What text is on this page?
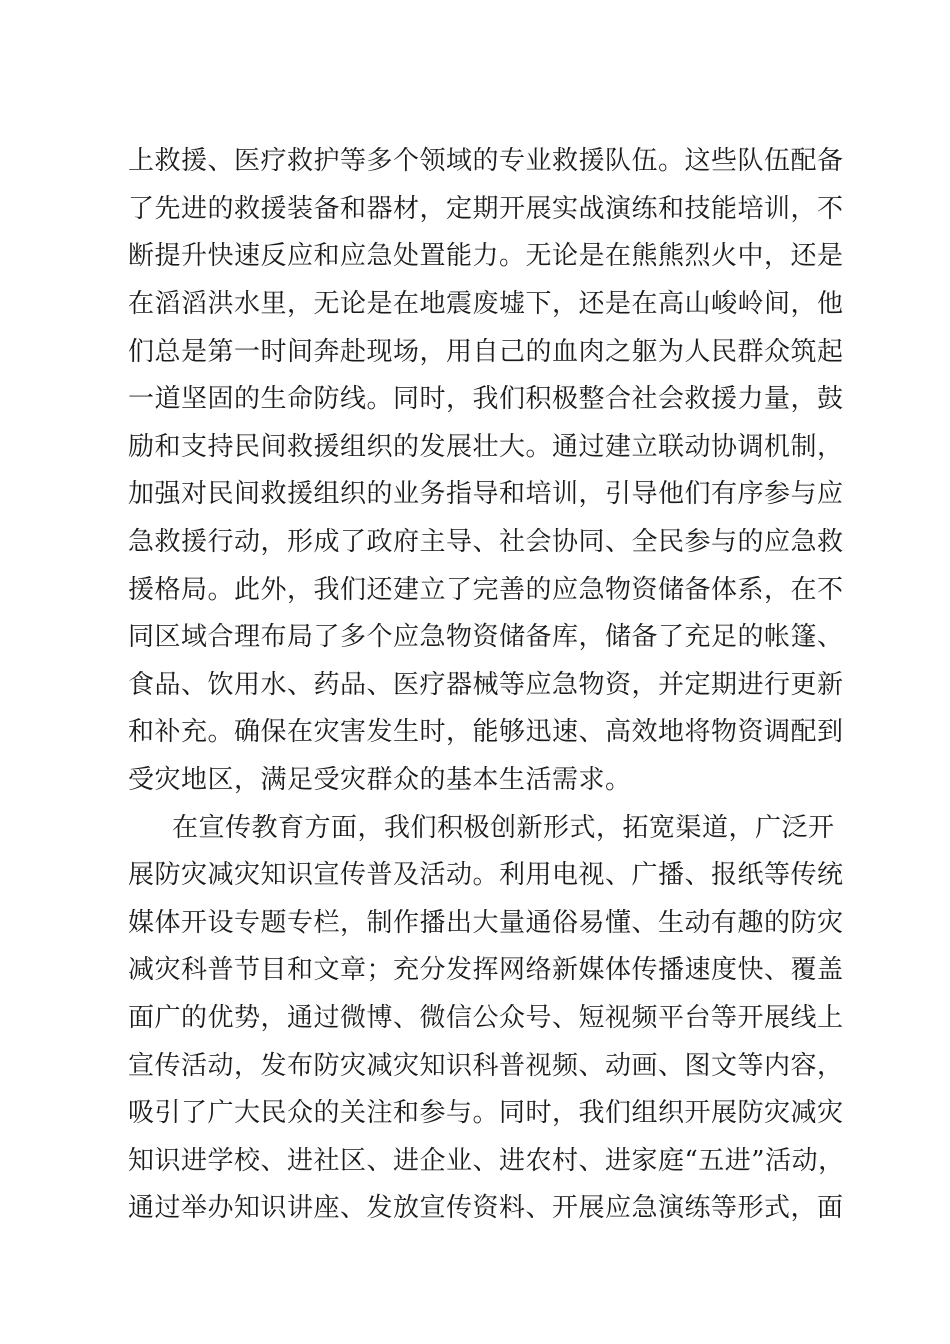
上救援、医疗救护等多个领域的专业救援队伍。这些队伍配备
了先进的救援装备和器材，定期开展实战演练和技能培训，不
断提升快速反应和应急处置能力。无论是在熊熊烈火中，还是
在滔滔洪水里，无论是在地震废墟下，还是在高山峻岭间，他
们总是第一时间奔赴现场，用自己的血肉之躯为人民群众筑起
一道坚固的生命防线。同时，我们积极整合社会救援力量，鼓
励和支持民间救援组织的发展壮大。通过建立联动协调机制，
加强对民间救援组织的业务指导和培训，引导他们有序参与应
急救援行动，形成了政府主导、社会协同、全民参与的应急救
援格局。此外，我们还建立了完善的应急物资储备体系，在不
同区域合理布局了多个应急物资储备库，储备了充足的帐篷、
食品、饮用水、药品、医疗器械等应急物资，并定期进行更新
和补充。确保在灾害发生时，能够迅速、高效地将物资调配到
受灾地区，满足受灾群众的基本生活需求。
在宣传教育方面，我们积极创新形式，拓宽渠道，广泛开
展防灾减灾知识宣传普及活动。利用电视、广播、报纸等传统
媒体开设专题专栏，制作播出大量通俗易懂、生动有趣的防灾
减灾科普节目和文章；充分发挥网络新媒体传播速度快、覆盖
面广的优势，通过微博、微信公众号、短视频平台等开展线上
宣传活动，发布防灾减灾知识科普视频、动画、图文等内容，
吸引了广大民众的关注和参与。同时，我们组织开展防灾减灾
知识进学校、进社区、进企业、进农村、进家庭“五进”活动，
通过举办知识讲座、发放宣传资料、开展应急演练等形式，面
